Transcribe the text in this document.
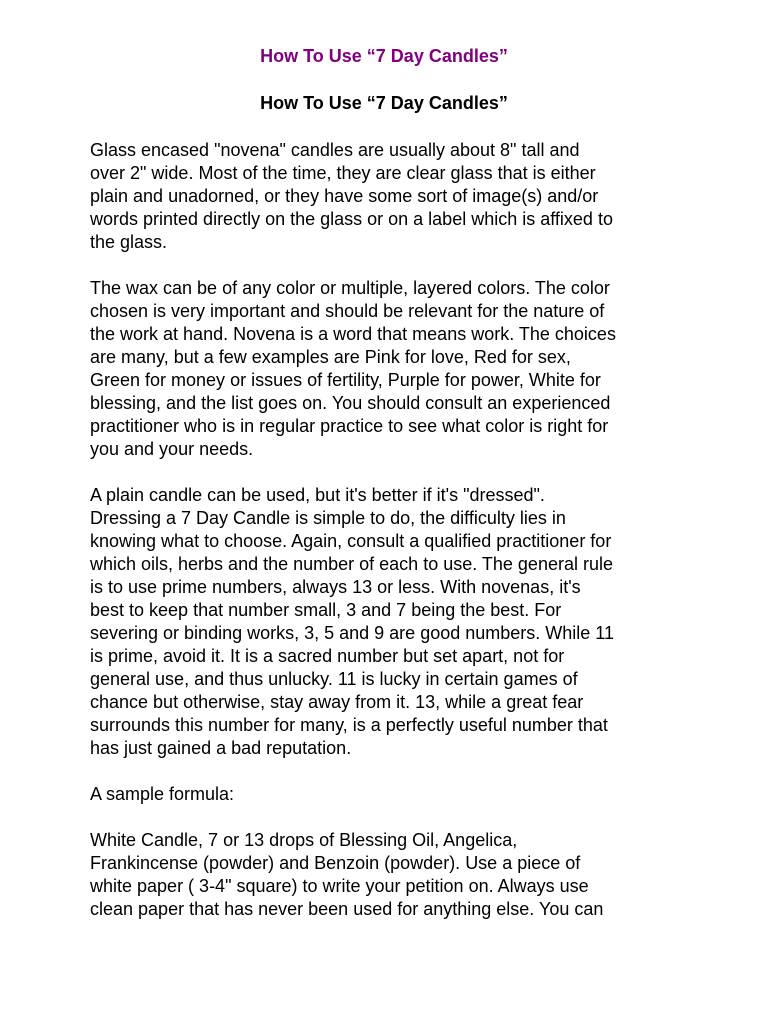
How To Use “7 Day Candles”
How To Use “7 Day Candles”

Glass encased "novena" candles are usually about 8" tall and
over 2" wide. Most of the time, they are clear glass that is either
plain and unadorned, or they have some sort of image(s) and/or
words printed directly on the glass or on a label which is affixed to
the glass.

The wax can be of any color or multiple, layered colors. The color
chosen is very important and should be relevant for the nature of
the work at hand. Novena is a word that means work. The choices
are many, but a few examples are Pink for love, Red for sex,
Green for money or issues of fertility, Purple for power, White for
blessing, and the list goes on. You should consult an experienced
practitioner who is in regular practice to see what color is right for
you and your needs.

A plain candle can be used, but it's better if it's "dressed".
Dressing a 7 Day Candle is simple to do, the difficulty lies in
knowing what to choose. Again, consult a qualified practitioner for
which oils, herbs and the number of each to use. The general rule
is to use prime numbers, always 13 or less. With novenas, it's
best to keep that number small, 3 and 7 being the best. For
severing or binding works, 3, 5 and 9 are good numbers. While 11
is prime, avoid it. It is a sacred number but set apart, not for
general use, and thus unlucky. 11 is lucky in certain games of
chance but otherwise, stay away from it. 13, while a great fear
surrounds this number for many, is a perfectly useful number that
has just gained a bad reputation.

A sample formula:

White Candle, 7 or 13 drops of Blessing Oil, Angelica,
Frankincense (powder) and Benzoin (powder). Use a piece of
white paper ( 3-4" square) to write your petition on. Always use
clean paper that has never been used for anything else. You can
